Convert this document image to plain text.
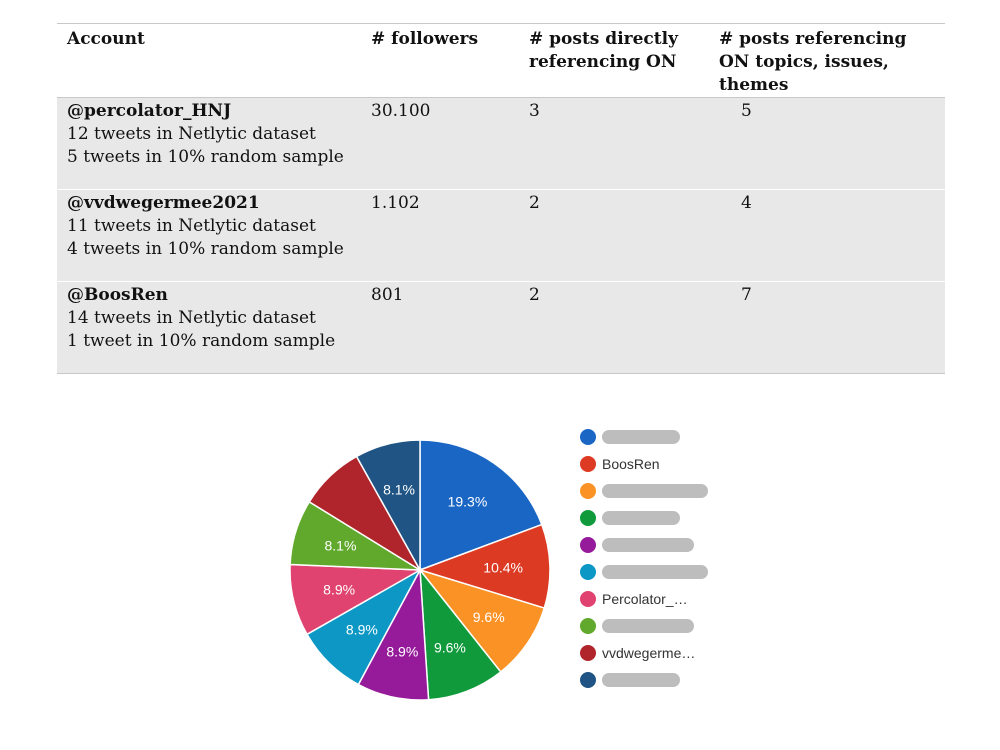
Account	# followers	# posts directly referencing ON	# posts referencing ON topics, issues, themes

@percolator_HNJ
12 tweets in Netlytic dataset
5 tweets in 10% random sample	30.100	3	5

@vvdwegermee2021
11 tweets in Netlytic dataset
4 tweets in 10% random sample	1.102	2	4

@BoosRen
14 tweets in Netlytic dataset
1 tweet in 10% random sample	801	2	7
19.3%
10.4%
9.6%
9.6%
8.9%
8.9%
8.9%
8.1%
8.1%
BoosRen
Percolator_…
vvdwegerme…
